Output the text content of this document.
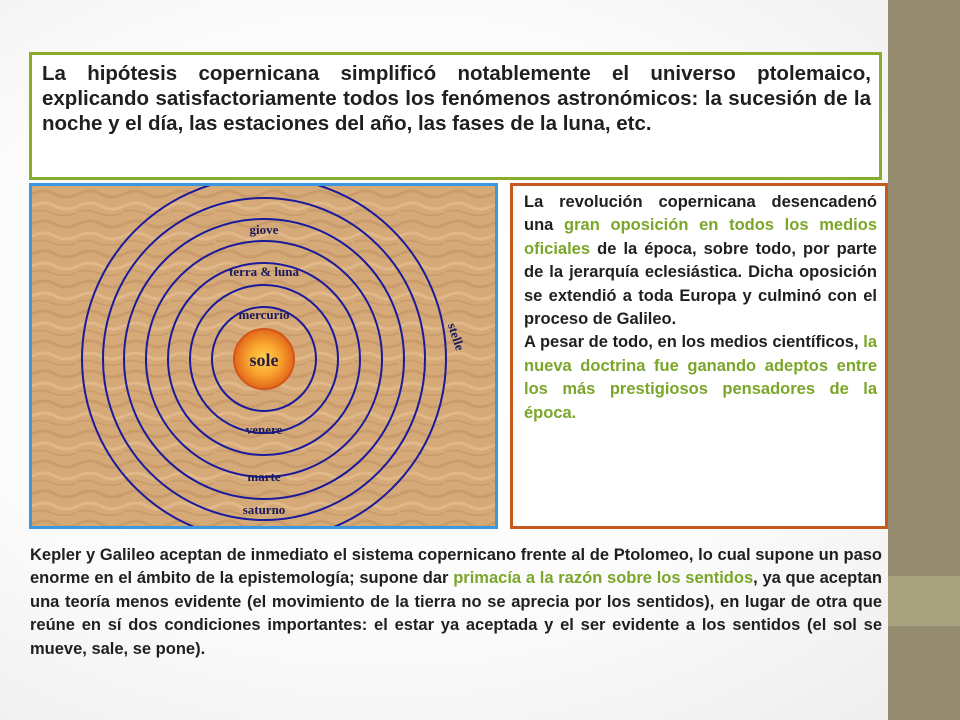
La hipótesis copernicana simplificó notablemente el universo ptolemaico, explicando satisfactoriamente todos los fenómenos astronómicos: la sucesión de la noche y el día, las estaciones del año, las fases de la luna, etc.
sole
giove
terra & luna
mercurio
stelle
venere
marte
saturno

La revolución copernicana desencadenó una gran oposición en todos los medios oficiales de la época, sobre todo, por parte de la jerarquía eclesiástica. Dicha oposición se extendió a toda Europa y culminó con el proceso de Galileo.

A pesar de todo, en los medios científicos, la nueva doctrina fue ganando adeptos entre los más prestigiosos pensadores de la época.

Kepler y Galileo aceptan de inmediato el sistema copernicano frente al de Ptolomeo, lo cual supone un paso enorme en el ámbito de la epistemología; supone dar primacía a la razón sobre los sentidos, ya que aceptan una teoría menos evidente (el movimiento de la tierra no se aprecia por los sentidos), en lugar de otra que reúne en sí dos condiciones importantes: el estar ya aceptada y el ser evidente a los sentidos (el sol se mueve, sale, se pone).
